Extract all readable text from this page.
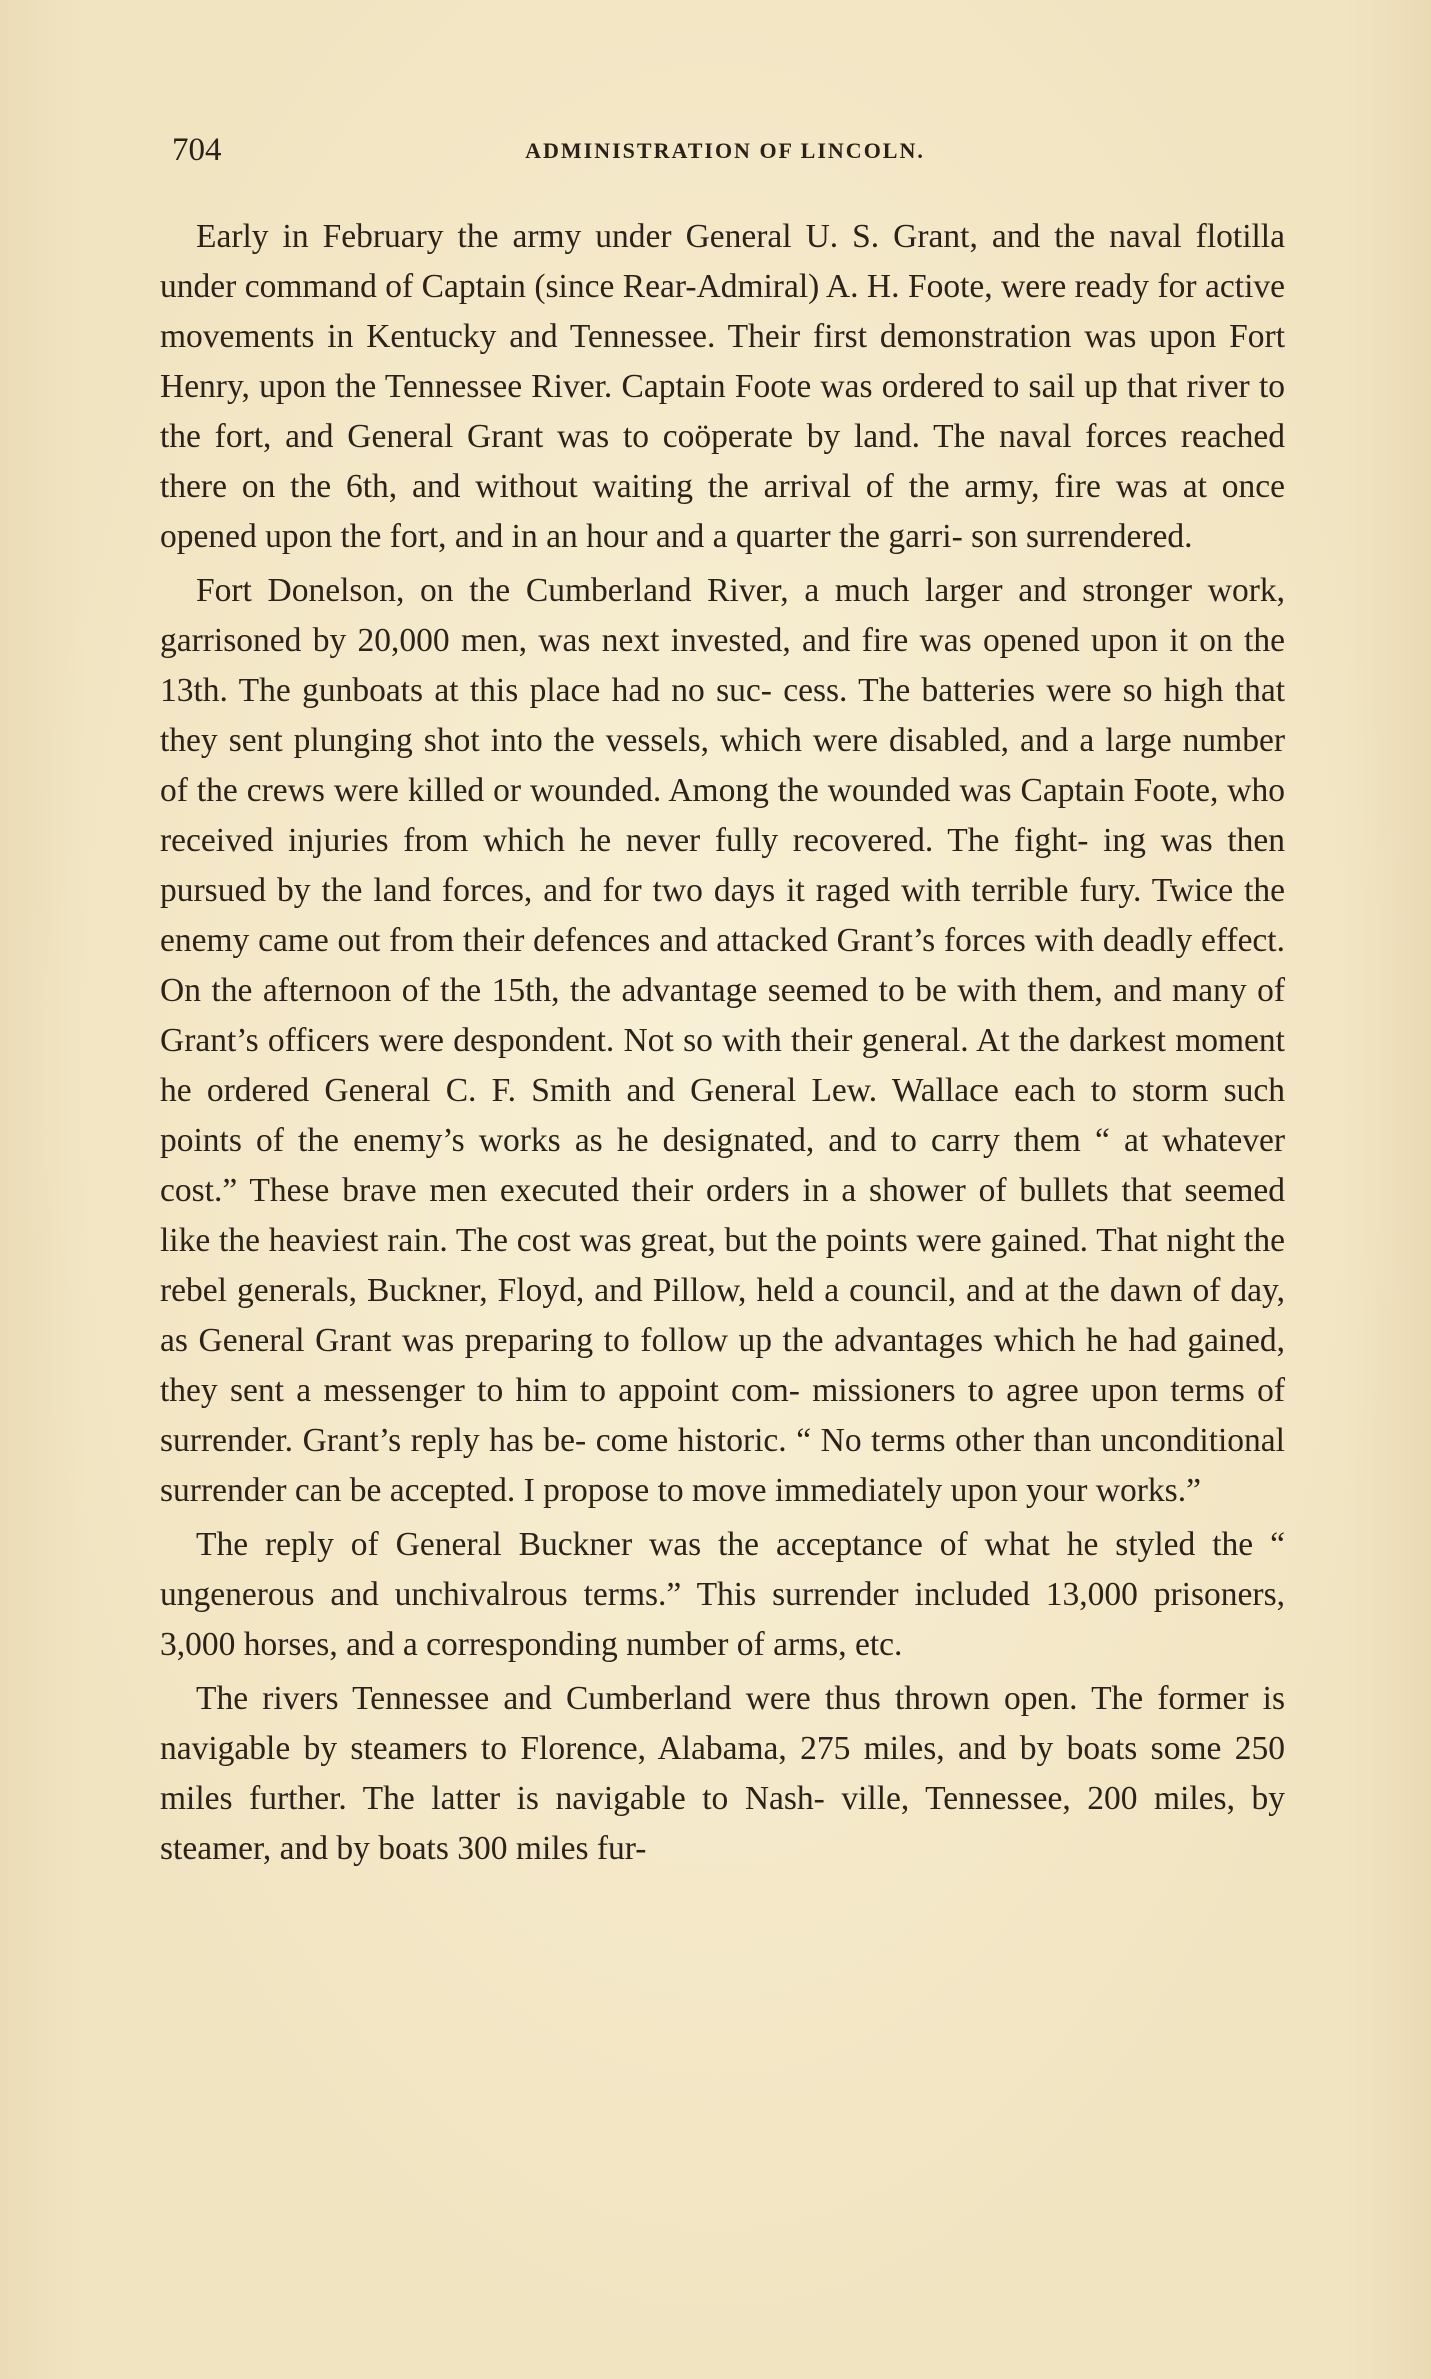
704	ADMINISTRATION OF LINCOLN.

Early in February the army under General U. S. Grant, and the naval flotilla under command of Captain (since Rear-Admiral) A. H. Foote, were ready for active movements in Kentucky and Tennessee. Their first demonstration was upon Fort Henry, upon the Tennessee River. Captain Foote was ordered to sail up that river to the fort, and General Grant was to coöperate by land. The naval forces reached there on the 6th, and without waiting the arrival of the army, fire was at once opened upon the fort, and in an hour and a quarter the garri- son surrendered.

Fort Donelson, on the Cumberland River, a much larger and stronger work, garrisoned by 20,000 men, was next invested, and fire was opened upon it on the 13th. The gunboats at this place had no suc- cess. The batteries were so high that they sent plunging shot into the vessels, which were disabled, and a large number of the crews were killed or wounded. Among the wounded was Captain Foote, who received injuries from which he never fully recovered. The fight- ing was then pursued by the land forces, and for two days it raged with terrible fury. Twice the enemy came out from their defences and attacked Grant’s forces with deadly effect. On the afternoon of the 15th, the advantage seemed to be with them, and many of Grant’s officers were despondent. Not so with their general. At the darkest moment he ordered General C. F. Smith and General Lew. Wallace each to storm such points of the enemy’s works as he designated, and to carry them “ at whatever cost.” These brave men executed their orders in a shower of bullets that seemed like the heaviest rain. The cost was great, but the points were gained. That night the rebel generals, Buckner, Floyd, and Pillow, held a council, and at the dawn of day, as General Grant was preparing to follow up the advantages which he had gained, they sent a messenger to him to appoint com- missioners to agree upon terms of surrender. Grant’s reply has be- come historic. “ No terms other than unconditional surrender can be accepted. I propose to move immediately upon your works.”

The reply of General Buckner was the acceptance of what he styled the “ ungenerous and unchivalrous terms.” This surrender included 13,000 prisoners, 3,000 horses, and a corresponding number of arms, etc.

The rivers Tennessee and Cumberland were thus thrown open. The former is navigable by steamers to Florence, Alabama, 275 miles, and by boats some 250 miles further. The latter is navigable to Nash- ville, Tennessee, 200 miles, by steamer, and by boats 300 miles fur-
